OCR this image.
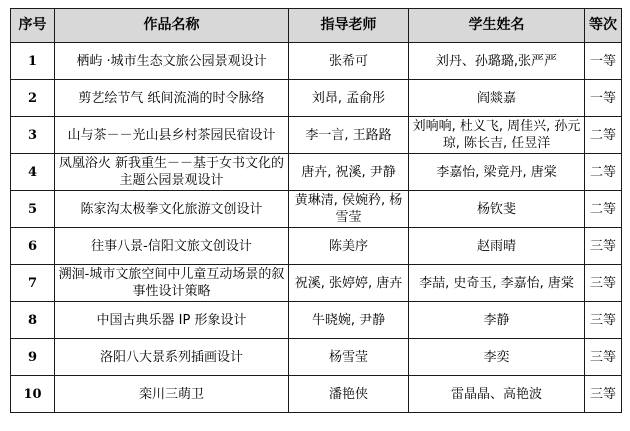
序号	作品名称	指导老师	学生姓名	等次
1	栖屿 ·城市生态文旅公园景观设计	张希可	刘丹、孙璐璐,张严严	一等
2	剪艺绘节气 纸间流淌的时令脉络	刘昂, 孟俞彤	阎燚嘉	一等
3	山与茶－－光山县乡村茶园民宿设计	李一言, 王路路	刘响响, 杜义飞, 周佳兴, 孙元琼, 陈长吉, 任昱洋	二等
4	凤凰浴火 新我重生－－基于女书文化的主题公园景观设计	唐卉, 祝溪, 尹静	李嘉怡, 梁竟丹, 唐棠	二等
5	陈家沟太极拳文化旅游文创设计	黄琳清, 侯婉矜, 杨雪莹	杨钦斐	二等
6	往事八景-信阳文旅文创设计	陈美序	赵雨晴	三等
7	溯洄-城市文旅空间中儿童互动场景的叙事性设计策略	祝溪, 张婷婷, 唐卉	李喆, 史奇玉, 李嘉怡, 唐棠	三等
8	中国古典乐器 IP 形象设计	牛晓婉, 尹静	李静	三等
9	洛阳八大景系列插画设计	杨雪莹	李奕	三等
10	栾川三萌卫	潘艳侠	雷晶晶、高艳波	三等
